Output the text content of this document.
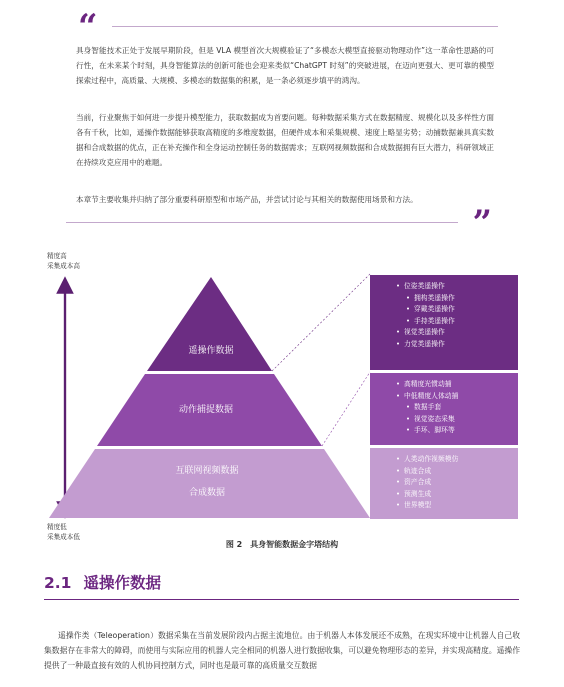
“

具身智能技术正处于发展早期阶段，但是 VLA 模型首次大规模验证了“多模态大模型直接驱动物理动作”这一革命性思路的可行性，在未来某个时刻，具身智能算法的创新可能也会迎来类似“ChatGPT 时刻”的突破进展，在迈向更强大、更可靠的模型探索过程中，高质量、大规模、多模态的数据集的积累，是一条必须逐步填平的鸿沟。

当前，行业聚焦于如何进一步提升模型能力，获取数据成为首要问题。每种数据采集方式在数据精度、规模化以及多样性方面各有千秋，比如，遥操作数据能够获取高精度的多维度数据，但硬件成本和采集规模、速度上略显劣势；动捕数据兼具真实数据和合成数据的优点，正在补充操作和全身运动控制任务的数据需求；互联网视频数据和合成数据拥有巨大潜力，科研领域正在持续攻克应用中的难题。

本章节主要收集并归纳了部分重要科研原型和市场产品，并尝试讨论与其相关的数据使用场景和方法。

”

精度高
采集成本高

精度低
采集成本低

遥操作数据
动作捕捉数据
互联网视频数据
合成数据
• 位姿类遥操作
• 拥构类遥操作
• 穿戴类遥操作
• 手持类遥操作
• 视觉类遥操作
• 力觉类遥操作
• 高精度光惯动捕
• 中低精度人体动捕
• 数据手套
• 视觉姿态采集
• 手环、脚环等
• 人类动作视频模仿
• 轨迹合成
• 资产合成
• 预测生成
• 世界模型

图 2 具身智能数据金字塔结构

2.1 遥操作数据

遥操作类（Teleoperation）数据采集在当前发展阶段内占据主流地位。由于机器人本体发展还不成熟，在现实环境中让机器人自己收集数据存在非常大的障碍，而使用与实际应用的机器人完全相同的机器人进行数据收集，可以避免物理形态的差异，并实现高精度。遥操作提供了一种最直接有效的人机协同控制方式，同时也是最可靠的高质量交互数据
